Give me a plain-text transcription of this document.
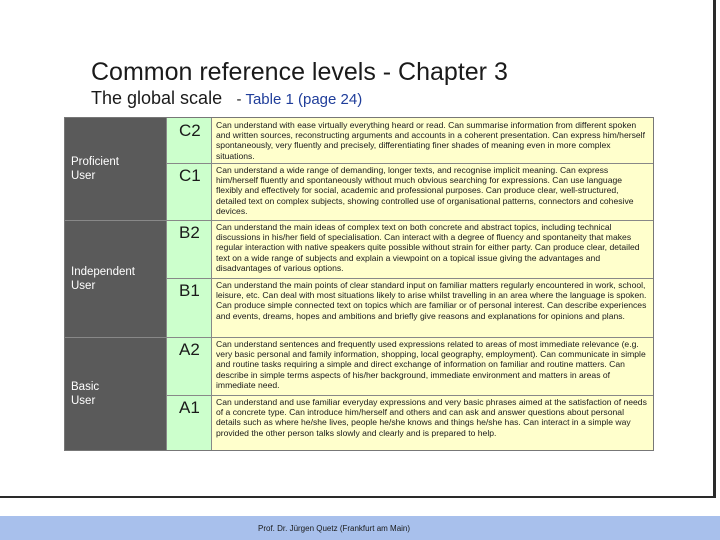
Common reference levels - Chapter 3
The global scale - Table 1 (page 24)
Proficient
User
Independent
User
Basic
User
C2
C1
B2
B1
A2
A1
Can understand with ease virtually everything heard or read. Can summarise information from different spoken and written sources, reconstructing arguments and accounts in a coherent presentation. Can express him/herself spontaneously, very fluently and precisely, differentiating finer shades of meaning even in more complex situations.
Can understand a wide range of demanding, longer texts, and recognise implicit meaning. Can express him/herself fluently and spontaneously without much obvious searching for expressions. Can use language flexibly and effectively for social, academic and professional purposes. Can produce clear, well-structured, detailed text on complex subjects, showing controlled use of organisational patterns, connectors and cohesive devices.
Can understand the main ideas of complex text on both concrete and abstract topics, including technical discussions in his/her field of specialisation. Can interact with a degree of fluency and spontaneity that makes regular interaction with native speakers quite possible without strain for either party. Can produce clear, detailed text on a wide range of subjects and explain a viewpoint on a topical issue giving the advantages and disadvantages of various options.
Can understand the main points of clear standard input on familiar matters regularly encountered in work, school, leisure, etc. Can deal with most situations likely to arise whilst travelling in an area where the language is spoken. Can produce simple connected text on topics which are familiar or of personal interest. Can describe experiences and events, dreams, hopes and ambitions and briefly give reasons and explanations for opinions and plans.
Can understand sentences and frequently used expressions related to areas of most immediate relevance (e.g. very basic personal and family information, shopping, local geography, employment). Can communicate in simple and routine tasks requiring a simple and direct exchange of information on familiar and routine matters. Can describe in simple terms aspects of his/her background, immediate environment and matters in areas of immediate need.
Can understand and use familiar everyday expressions and very basic phrases aimed at the satisfaction of needs of a concrete type. Can introduce him/herself and others and can ask and answer questions about personal details such as where he/she lives, people he/she knows and things he/she has. Can interact in a simple way provided the other person talks slowly and clearly and is prepared to help.
Prof. Dr. Jürgen Quetz (Frankfurt am Main)
